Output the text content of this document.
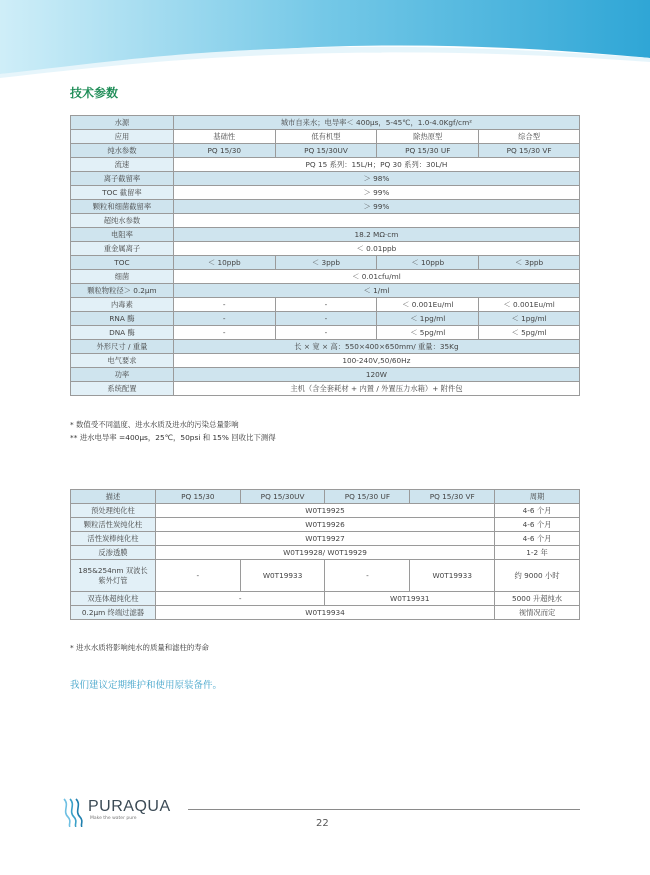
技术参数
水源	城市自来水；电导率＜ 400μs，5-45℃，1.0-4.0Kgf/cm²			
应用	基础性	低有机型	除热原型	综合型
纯水参数	PQ 15/30	PQ 15/30UV	PQ 15/30 UF	PQ 15/30 VF
流速	PQ 15 系列：15L/H；PQ 30 系列：30L/H			
离子截留率	＞ 98%			
TOC 截留率	＞ 99%			
颗粒和细菌截留率	＞ 99%			
超纯水参数				
电阻率	18.2 MΩ·cm			
重金属离子	＜ 0.01ppb			
TOC	＜ 10ppb	＜ 3ppb	＜ 10ppb	＜ 3ppb
细菌	＜ 0.01cfu/ml			
颗粒物粒径＞ 0.2μm	＜ 1/ml			
内毒素	-	-	＜ 0.001Eu/ml	＜ 0.001Eu/ml
RNA 酶	-	-	＜ 1pg/ml	＜ 1pg/ml
DNA 酶	-	-	＜ 5pg/ml	＜ 5pg/ml
外形尺寸 / 重量	长 × 宽 × 高：550×400×650mm/ 重量：35Kg			
电气要求	100-240V,50/60Hz			
功率	120W			
系统配置	主机（含全套耗材 + 内置 / 外置压力水箱）+ 附件包			
* 数值受不同温度、进水水质及进水的污染总量影响
** 进水电导率 =400μs，25℃，50psi 和 15% 回收比下测得
描述	PQ 15/30	PQ 15/30UV	PQ 15/30 UF	PQ 15/30 VF	周期
预处理纯化柱	W0T19925				4-6 个月
颗粒活性炭纯化柱	W0T19926				4-6 个月
活性炭棒纯化柱	W0T19927				4-6 个月
反渗透膜	W0T19928/ W0T19929				1-2 年

185&254nm 双波长
紫外灯管	-	W0T19933	-	W0T19933	约 9000 小时
双连体超纯化柱	-		W0T19931		5000 升超纯水
0.2μm 终端过滤器	W0T19934				视情况而定
* 进水水质将影响纯水的质量和滤柱的寿命
我们建议定期维护和使用原装备件。
PURAQUA
Make the water pure	22
